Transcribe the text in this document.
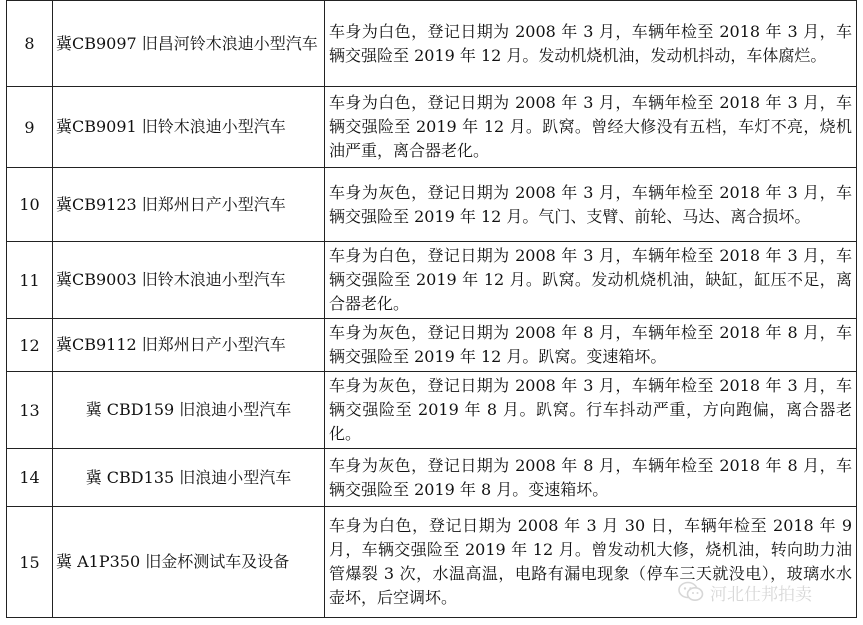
8	冀CB9097 旧昌河铃木浪迪小型汽车	车身为白色，登记日期为 2008 年 3 月，车辆年检至 2018 年 3 月，车辆交强险至 2019 年 12 月。发动机烧机油，发动机抖动，车体腐烂。
9	冀CB9091 旧铃木浪迪小型汽车	车身为白色，登记日期为 2008 年 3 月，车辆年检至 2018 年 3 月，车辆交强险至 2019 年 12 月。趴窝。曾经大修没有五档，车灯不亮，烧机油严重，离合器老化。
10	冀CB9123 旧郑州日产小型汽车	车身为灰色，登记日期为 2008 年 3 月，车辆年检至 2018 年 3 月，车辆交强险至 2019 年 12 月。气门、支臂、前轮、马达、离合损坏。
11	冀CB9003 旧铃木浪迪小型汽车	车身为白色，登记日期为 2008 年 3 月，车辆年检至 2018 年 3 月，车辆交强险至 2019 年 12 月。趴窝。发动机烧机油，缺缸，缸压不足，离合器老化。
12	冀CB9112 旧郑州日产小型汽车	车身为灰色，登记日期为 2008 年 8 月，车辆年检至 2018 年 8 月，车辆交强险至 2019 年 12 月。趴窝。变速箱坏。
13	冀 CBD159 旧浪迪小型汽车	车身为灰色，登记日期为 2008 年 3 月，车辆年检至 2018 年 3 月，车辆交强险至 2019 年 8 月。趴窝。行车抖动严重，方向跑偏，离合器老化。
14	冀 CBD135 旧浪迪小型汽车	车身为灰色，登记日期为 2008 年 8 月，车辆年检至 2018 年 8 月，车辆交强险至 2019 年 8 月。变速箱坏。
15	冀 A1P350 旧金杯测试车及设备	车身为白色，登记日期为 2008 年 3 月 30 日，车辆年检至 2018 年 9 月，车辆交强险至 2019 年 12 月。曾发动机大修，烧机油，转向助力油管爆裂 3 次，水温高温，电路有漏电现象（停车三天就没电），玻璃水水壶坏，后空调坏。	河北仕邦拍卖
